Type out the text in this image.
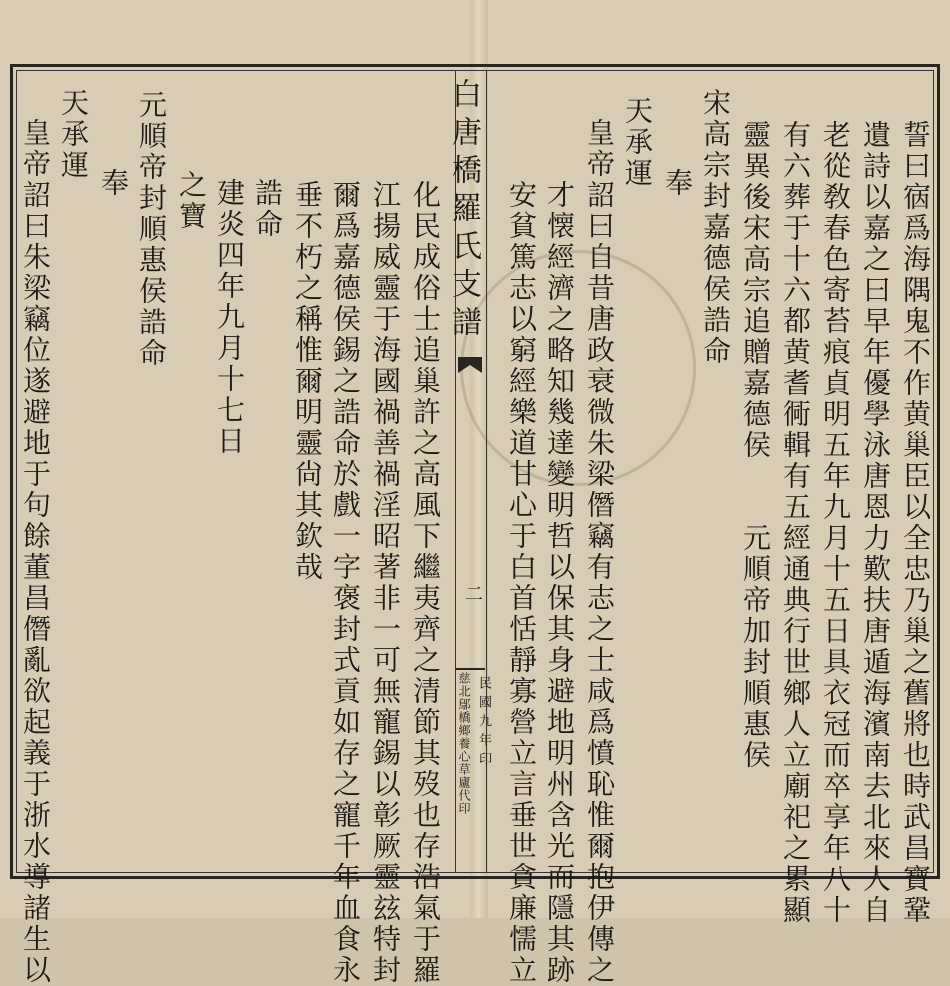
白唐橋羅氏支譜
二
民國九年印
慈北鄔橋鄉養心草廬代印	誓曰㝛爲海隅鬼不作黄巢臣以全忠乃巢之舊將也時武昌寶鞏
遺詩以嘉之曰早年優學泳唐恩力歎扶唐遁海濱南去北來人自
老從敎春色寄苔痕貞明五年九月十五日具衣冠而卒享年八十
有六葬于十六都黄耆衕輯有五經通典行世鄉人立廟祀之累顯
靈異後宋高宗追贈嘉德侯　　元順帝加封順惠侯
宋高宗封嘉德侯誥命
奉
天承運
皇帝詔曰自昔唐政衰微朱梁僭竊有志之士咸爲憤恥惟爾抱伊傳之
才懐經濟之略知幾達變明哲以保其身避地明州含光而隱其跡
安貧篤志以窮經樂道甘心于白首恬靜寡營立言垂世貪廉懦立
化民成俗士追巢許之高風下繼夷齊之清節其歿也存浩氣于羅
江揚威靈于海國禍善禍淫昭著非一可無寵錫以彰厥靈玆特封
爾爲嘉德侯錫之誥命於戲一字褒封式貢如存之寵千年血食永
垂不朽之稱惟爾明靈尙其欽哉
誥命
建炎四年九月十七日
之寶
元順帝封順惠侯誥命
奉
天承運
皇帝詔曰朱梁竊位遂避地于句餘董昌僭亂欲起義于浙水導諸生以
